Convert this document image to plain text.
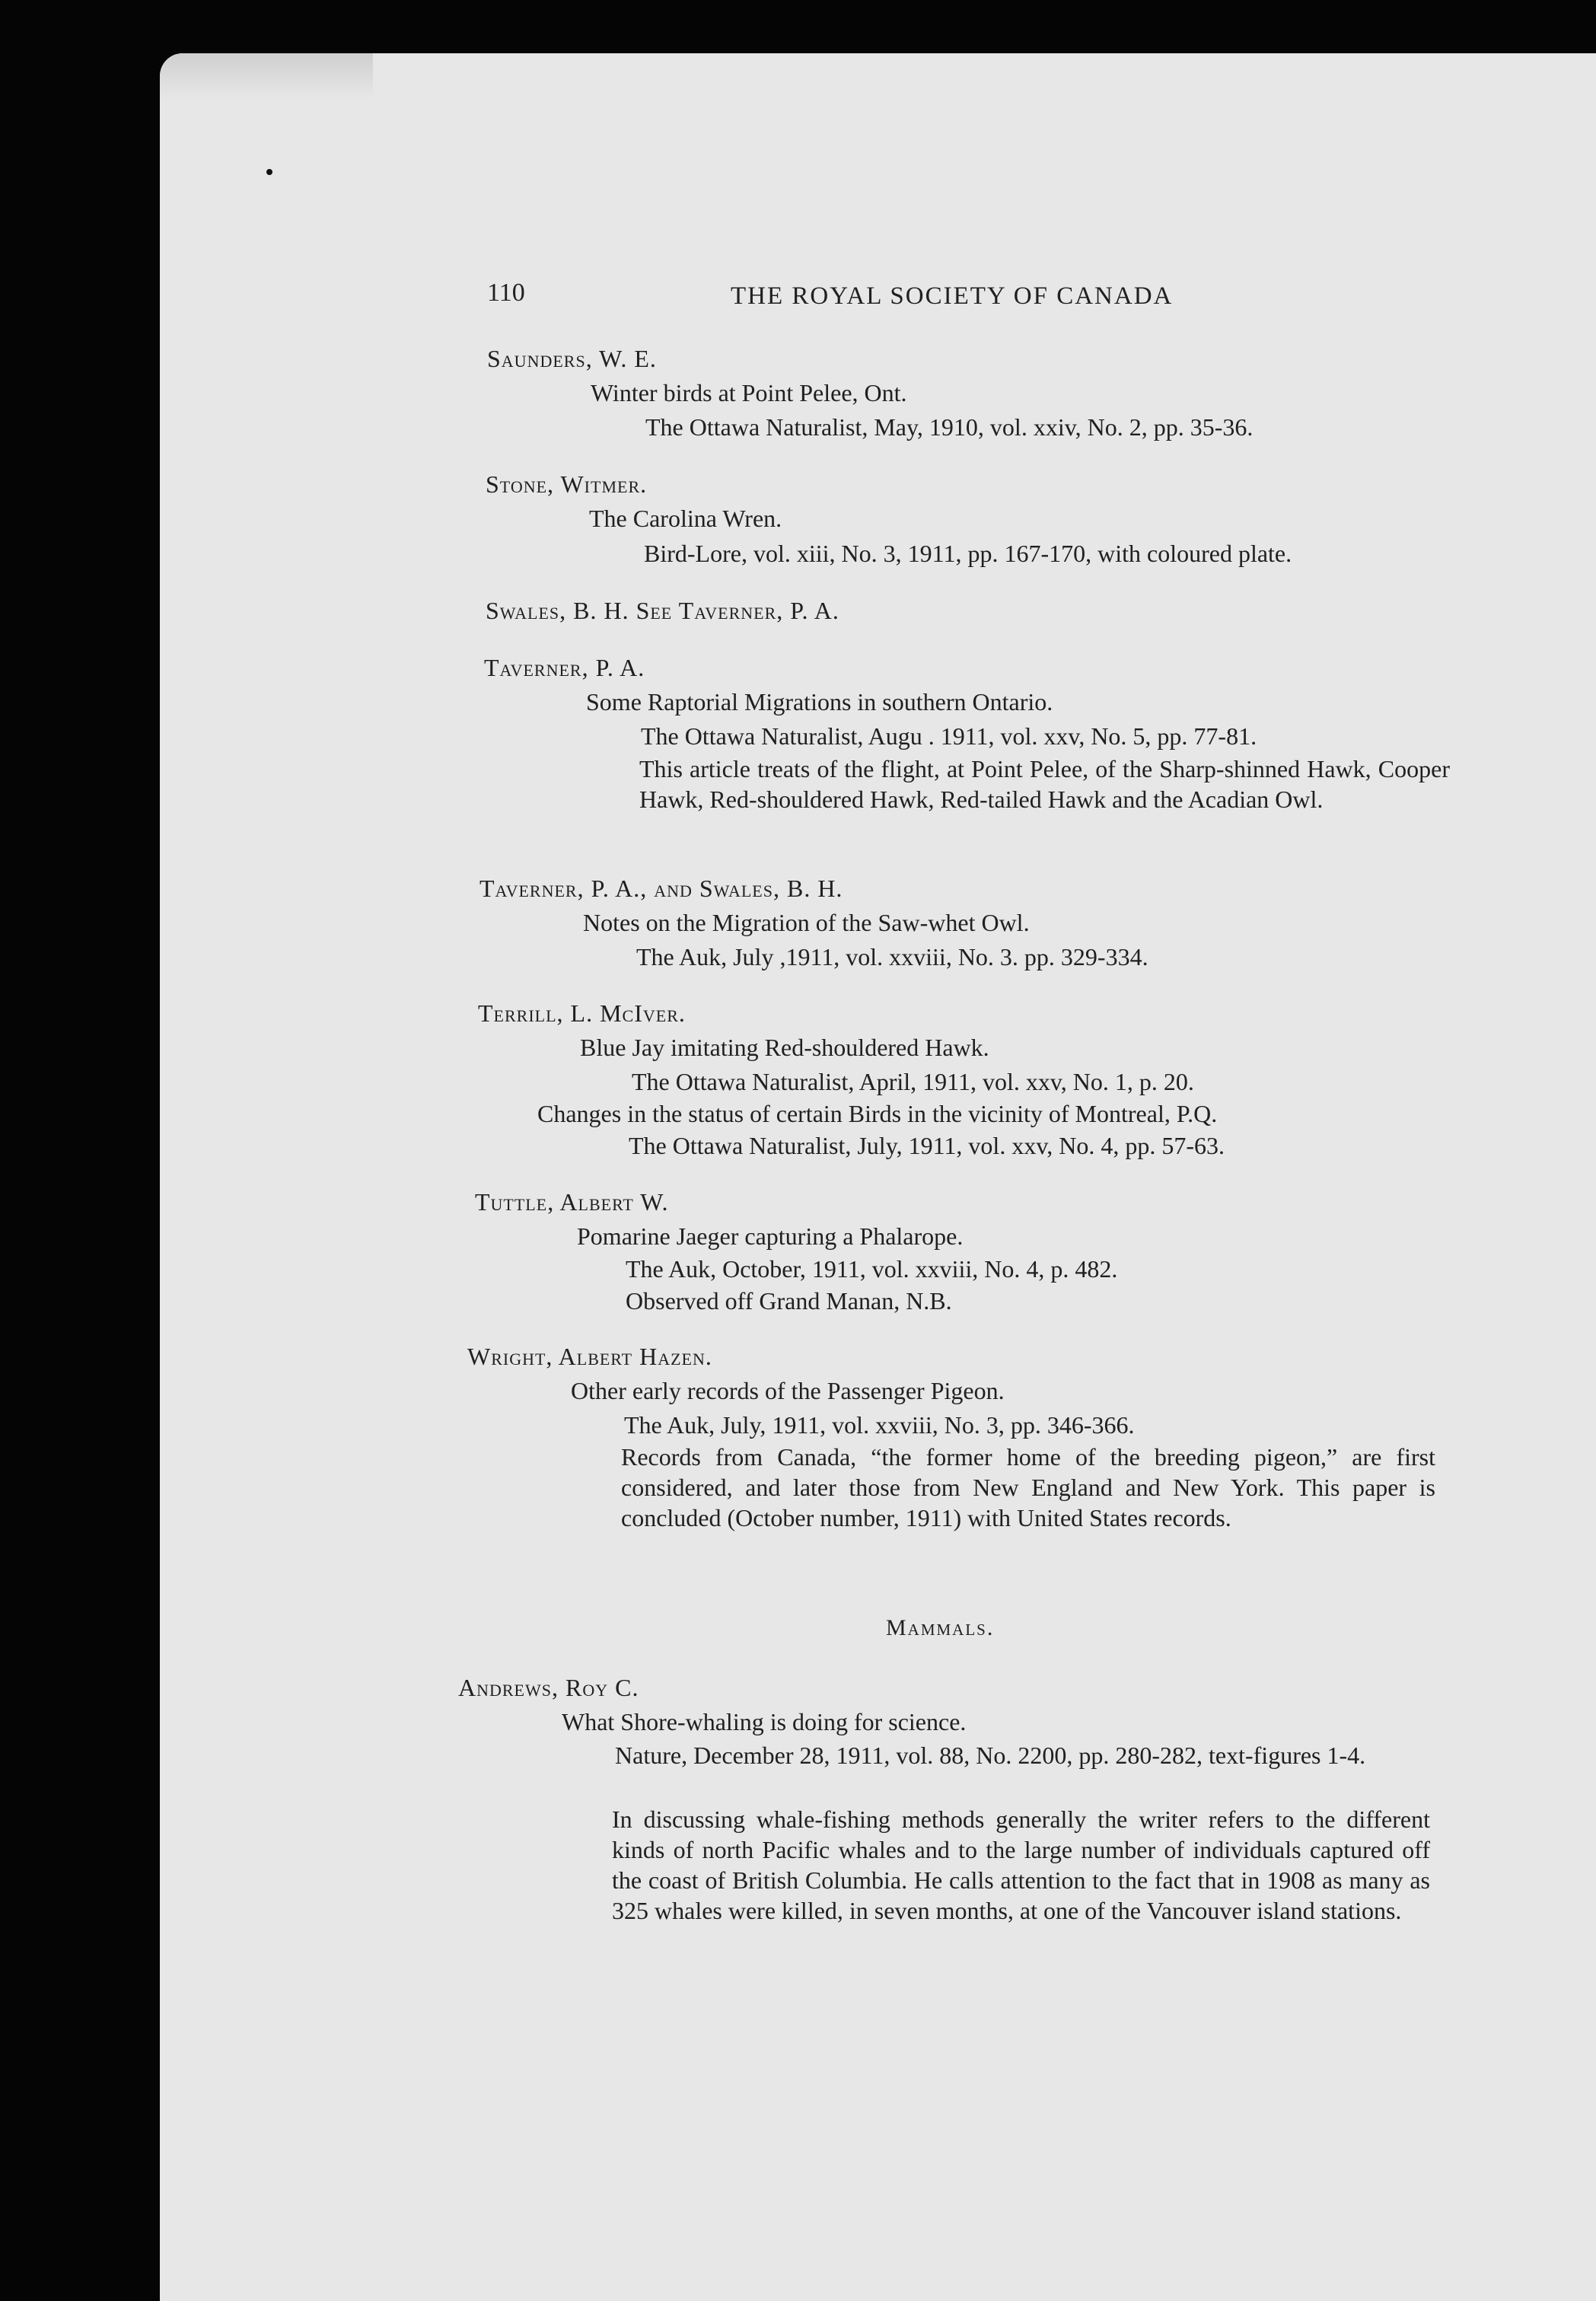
110	THE ROYAL SOCIETY OF CANADA
Saunders, W. E.
Winter birds at Point Pelee, Ont.
The Ottawa Naturalist, May, 1910, vol. xxiv, No. 2, pp. 35-36.
Stone, Witmer.
The Carolina Wren.
Bird-Lore, vol. xiii, No. 3, 1911, pp. 167-170, with coloured plate.
Swales, B. H. See Taverner, P. A.
Taverner, P. A.
Some Raptorial Migrations in southern Ontario.
The Ottawa Naturalist, Augu . 1911, vol. xxv, No. 5, pp. 77-81.
This article treats of the flight, at Point Pelee, of the Sharp-shinned Hawk, Cooper Hawk, Red-shouldered Hawk, Red-tailed Hawk and the Acadian Owl.
Taverner, P. A., and Swales, B. H.
Notes on the Migration of the Saw-whet Owl.
The Auk, July ,1911, vol. xxviii, No. 3. pp. 329-334.
Terrill, L. McIver.
Blue Jay imitating Red-shouldered Hawk.
The Ottawa Naturalist, April, 1911, vol. xxv, No. 1, p. 20.
Changes in the status of certain Birds in the vicinity of Montreal, P.Q.
The Ottawa Naturalist, July, 1911, vol. xxv, No. 4, pp. 57-63.
Tuttle, Albert W.
Pomarine Jaeger capturing a Phalarope.
The Auk, October, 1911, vol. xxviii, No. 4, p. 482.
Observed off Grand Manan, N.B.
Wright, Albert Hazen.
Other early records of the Passenger Pigeon.
The Auk, July, 1911, vol. xxviii, No. 3, pp. 346-366.
Records from Canada, “the former home of the breeding pigeon,” are first considered, and later those from New England and New York. This paper is concluded (October number, 1911) with United States records.
Mammals.
Andrews, Roy C.
What Shore-whaling is doing for science.
Nature, December 28, 1911, vol. 88, No. 2200, pp. 280-282, text-figures 1-4.
In discussing whale-fishing methods generally the writer refers to the different kinds of north Pacific whales and to the large number of individuals captured off the coast of British Columbia. He calls attention to the fact that in 1908 as many as 325 whales were killed, in seven months, at one of the Vancouver island stations.
